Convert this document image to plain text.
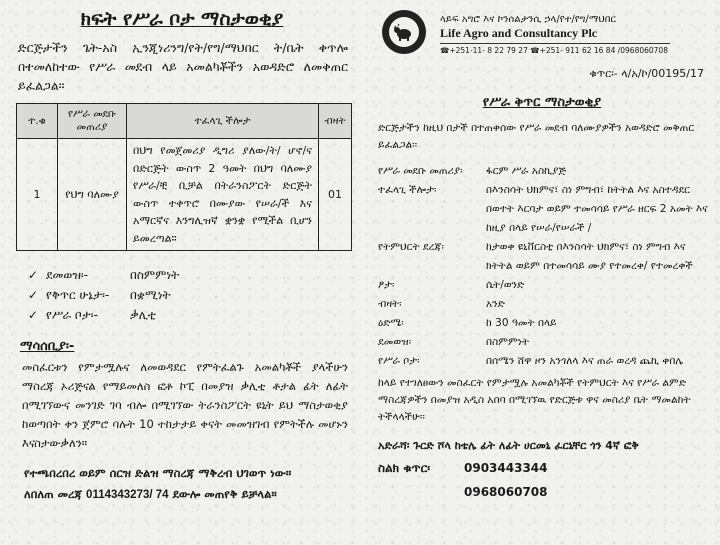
ክፍት የሥራ ቦታ ማስታወቂያ
ድርጅታችን ጌት-አስ ኢንጂነሪንግ/የት/የግ/ማህበር ት/ቤት ቀጥሎ በተመለከተው የሥራ መደብ ላይ አመልካቾችን አወዳድሮ ለመቅጠር ይፈልጋል።
ተ.ቁ	የሥራ መደቡ መጠሪያ	ተፈላጊ ችሎታ	ብዛት
1	የህግ ባለሙያ	በህግ የመጀመሪያ ዲግሪ ያለው/ት/ ሆኖ/ና በድርጅት ውስጥ 2 ዓመት በህግ ባለሙያ የሥራ/ቺ ቢቻል በትራንስፖርት ድርጅት ውስጥ ተቀጥሮ በሙያው የሠራ/ች እና አማርኛና እንግሊዝኛ ቋንቋ የሚችል ቢሆን ይመረጣል።	01
✓ ደመወዝ፡-	በስምምነት
✓ የቅጥር ሁኔታ፡-	በቋሚነት
✓ የሥራ ቦታ፡-	ቃሊቲ
ማሳሰቢያ፡-
መስፈርቱን የምታሟሉና ለመወዳደር የምትፈልጉ አመልካቾች ያላችሁን ማስረጃ ኦሪጅናል የማይመለስ ፎቶ ኮፒ በመያዝ ቃሊቲ ቶታል ፊት ለፊት በሚገኘውና መንገድ ገባ ብሎ በሚገኘው ትራንስፖርት ዩኒት ይህ ማስታወቂያ ከወጣበት ቀን ጀምሮ ባሉት 10 ተከታታይ ቀናት መመዝገብ የምትችሉ መሆኑን እናስታውቃለን።
የተጫበረበረ ወይም ሰርዝ ድልዝ ማስረጃ ማቅረብ ህገወጥ ነው።
ለበለጠ መረጃ 0114343273/ 74 ደውሎ መጠየቅ ይቻላል።
ላይፍ አግሮ እና ኮንሰልታንሲ ኃላ/የተ/የግ/ማህበር
Life Agro and Consultancy Plc
☎+251-11- 8 22 79 27 ☎+251- 911 62 16 84 /0968060708
ቁጥር፡- ላ/አ/ኮ/00195/17
የሥራ ቅጥር ማስታወቂያ
ድርጅታችን ከዚህ በታች በተጠቀሰው የሥራ መደብ ባለሙያዎችን አወዳድሮ መቅጠር ይፈልጋል፡፡
የሥራ መደቡ መጠሪያ፡	ፋርም ሥራ አስኪያጅ
ተፈላጊ ችሎታ፡	በእንስሳት ህክምና፣ ስነ ምግብ፣ ከትትል እና አስተዳደር በወተት እርባታ ወይም ተመሳሳይ የሥራ ዘርፍ 2 አመት እና ከዚያ በላይ የሠራ/የሠራች /
የትምህርት ደረጃ፡	ከታወቀ ዩኒቨርስቲ በእንስሳት ህክምና፣ ስነ ምግብ እና ክትትል ወይም በተመሳሳይ ሙያ የተመረቀ/ የተመረቀች
ፆታ፡	ሴት/ወንድ
ብዛት፡	አንድ
ዕድሜ፡	ከ 30 ዓመት በላይ
ደመወዝ፡	በስምምነት
የሥራ ቦታ፡	በሰሜን ሸዋ ዞን አንጎለላ እና ጠራ ወረዳ ጨኪ ቀበሌ
ከላይ የተገለፀውን መስፈርት የምታሟሉ አመልካቾች የትምህርት እና የሥራ ልምድ ማስረጃዎችን በመያዝ አዲስ አበባ በሚገኘዉ የድርጅቱ ዋና መስሪያ ቤት ማመልከት ትችላላችሁ፡፡
አድራሻ፡ ጉርድ ሾላ ከቴሌ ፊት ለፊት ሀርመኒ ፈርኒቸር ጎን 4ኛ ፎቅ
ስልክ ቁጥር፡	0903443344
0968060708
